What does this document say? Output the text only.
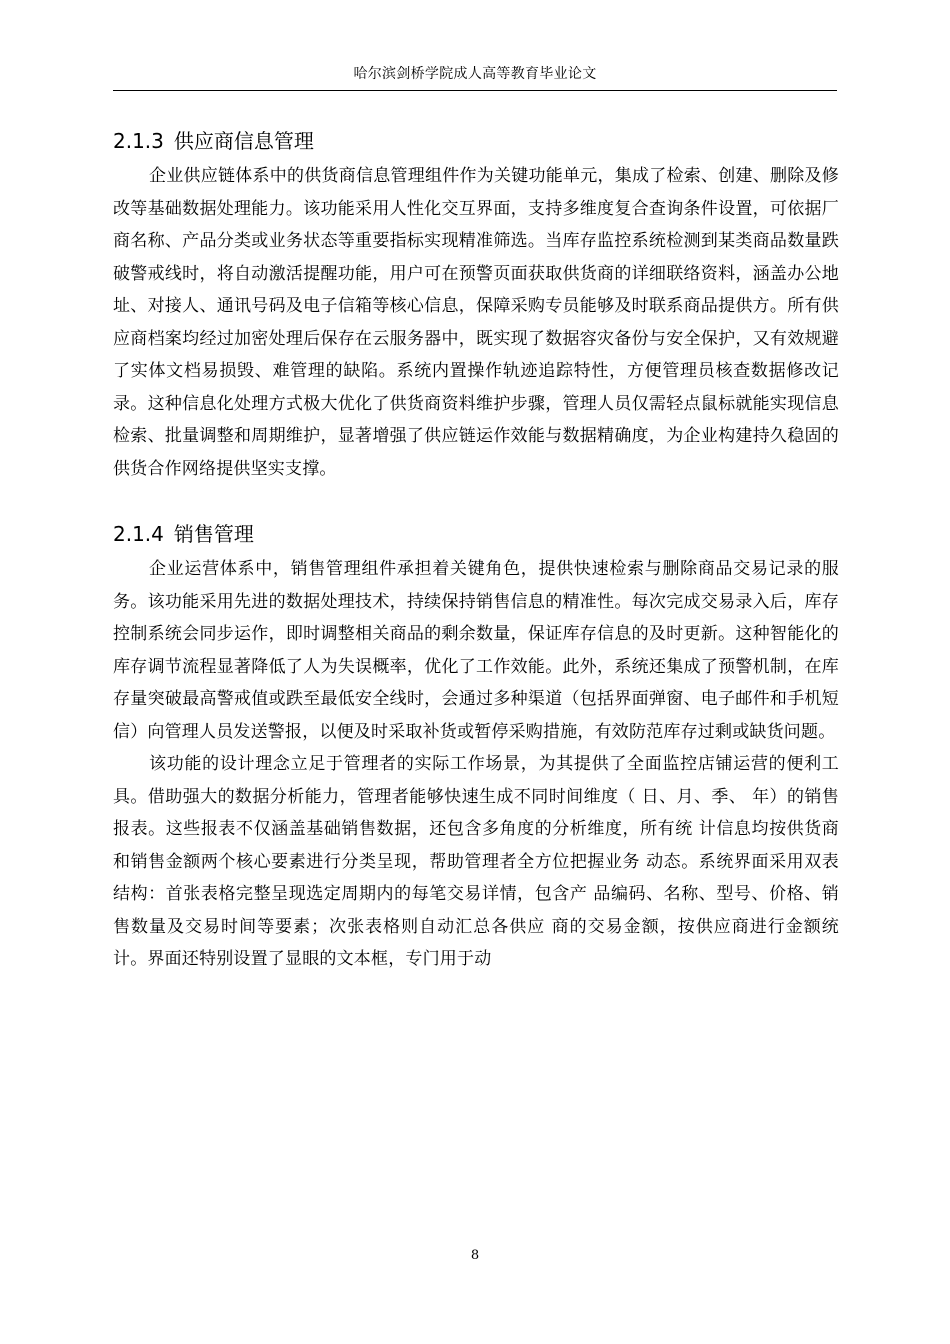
哈尔滨剑桥学院成人高等教育毕业论文
2.1.3 供应商信息管理

企业供应链体系中的供货商信息管理组件作为关键功能单元，集成了检索、创建、删除及修改等基础数据处理能力。该功能采用人性化交互界面，支持多维度复合查询条件设置，可依据厂商名称、产品分类或业务状态等重要指标实现精准筛选。当库存监控系统检测到某类商品数量跌破警戒线时，将自动激活提醒功能，用户可在预警页面获取供货商的详细联络资料，涵盖办公地址、对接人、通讯号码及电子信箱等核心信息，保障采购专员能够及时联系商品提供方。所有供应商档案均经过加密处理后保存在云服务器中，既实现了数据容灾备份与安全保护，又有效规避了实体文档易损毁、难管理的缺陷。系统内置操作轨迹追踪特性，方便管理员核查数据修改记录。这种信息化处理方式极大优化了供货商资料维护步骤，管理人员仅需轻点鼠标就能实现信息检索、批量调整和周期维护，显著增强了供应链运作效能与数据精确度，为企业构建持久稳固的供货合作网络提供坚实支撑。

2.1.4 销售管理

企业运营体系中，销售管理组件承担着关键角色，提供快速检索与删除商品交易记录的服务。该功能采用先进的数据处理技术，持续保持销售信息的精准性。每次完成交易录入后，库存控制系统会同步运作，即时调整相关商品的剩余数量，保证库存信息的及时更新。这种智能化的库存调节流程显著降低了人为失误概率，优化了工作效能。此外，系统还集成了预警机制，在库存量突破最高警戒值或跌至最低安全线时，会通过多种渠道（包括界面弹窗、电子邮件和手机短信）向管理人员发送警报，以便及时采取补货或暂停采购措施，有效防范库存过剩或缺货问题。

该功能的设计理念立足于管理者的实际工作场景，为其提供了全面监控店铺运营的便利工具。借助强大的数据分析能力，管理者能够快速生成不同时间维度（ 日、月、季、 年）的销售报表。这些报表不仅涵盖基础销售数据，还包含多角度的分析维度，所有统 计信息均按供货商和销售金额两个核心要素进行分类呈现，帮助管理者全方位把握业务 动态。系统界面采用双表结构：首张表格完整呈现选定周期内的每笔交易详情，包含产 品编码、名称、型号、价格、销售数量及交易时间等要素；次张表格则自动汇总各供应 商的交易金额，按供应商进行金额统计。界面还特别设置了显眼的文本框，专门用于动

8
